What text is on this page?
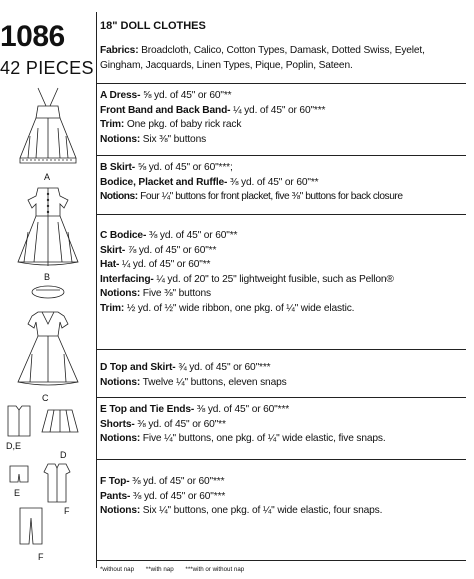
1086
42 PIECES
A
B
C
D,E
D
E
F
F
18" DOLL CLOTHES
Fabrics: Broadcloth, Calico, Cotton Types, Damask, Dotted Swiss, Eyelet,
Gingham, Jacquards, Linen Types, Pique, Poplin, Sateen.
A Dress- ⅝ yd. of 45" or 60"**
Front Band and Back Band- ¼ yd. of 45" or 60"***
Trim: One pkg. of baby rick rack
Notions: Six ⅜" buttons
B Skirt- ⅝ yd. of 45" or 60"***;
Bodice, Placket and Ruffle- ⅜ yd. of 45" or 60"**
Notions: Four ¼" buttons for front placket, five ⅜" buttons for back closure
C Bodice- ⅜ yd. of 45" or 60"**
Skirt- ⅞ yd. of 45" or 60"**
Hat- ¼ yd. of 45" or 60"**
Interfacing- ¼ yd. of 20" to 25" lightweight fusible, such as Pellon®
Notions: Five ⅜" buttons
Trim: ½ yd. of ½" wide ribbon, one pkg. of ¼" wide elastic.
D Top and Skirt- ¾ yd. of 45" or 60"***
Notions: Twelve ¼" buttons, eleven snaps
E Top and Tie Ends- ⅜ yd. of 45" or 60"***
Shorts- ⅜ yd. of 45" or 60"**
Notions: Five ¼" buttons, one pkg. of ¼" wide elastic, five snaps.
F Top- ⅜ yd. of 45" or 60"***
Pants- ⅜ yd. of 45" or 60"***
Notions: Six ¼" buttons, one pkg. of ¼" wide elastic, four snaps.
*without nap **with nap ***with or without nap
